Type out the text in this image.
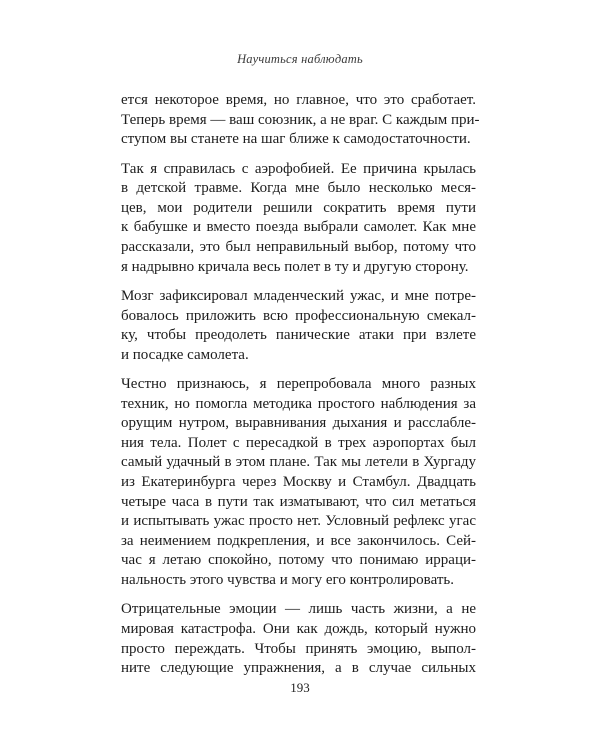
Научиться наблюдать

ется некоторое время, но главное, что это сработает.
Теперь время — ваш союзник, а не враг. С каждым при-
ступом вы станете на шаг ближе к самодостаточности.

Так я справилась с аэрофобией. Ее причина крылась
в детской травме. Когда мне было несколько меся-
цев, мои родители решили сократить время пути
к бабушке и вместо поезда выбрали самолет. Как мне
рассказали, это был неправильный выбор, потому что
я надрывно кричала весь полет в ту и другую сторону.

Мозг зафиксировал младенческий ужас, и мне потре-
бовалось приложить всю профессиональную смекал-
ку, чтобы преодолеть панические атаки при взлете
и посадке самолета.

Честно признаюсь, я перепробовала много разных
техник, но помогла методика простого наблюдения за
орущим нутром, выравнивания дыхания и расслабле-
ния тела. Полет с пересадкой в трех аэропортах был
самый удачный в этом плане. Так мы летели в Хургаду
из Екатеринбурга через Москву и Стамбул. Двадцать
четыре часа в пути так изматывают, что сил метаться
и испытывать ужас просто нет. Условный рефлекс угас
за неимением подкрепления, и все закончилось. Сей-
час я летаю спокойно, потому что понимаю ирраци-
нальность этого чувства и могу его контролировать.

Отрицательные эмоции — лишь часть жизни, а не
мировая катастрофа. Они как дождь, который нужно
просто переждать. Чтобы принять эмоцию, выпол-
ните следующие упражнения, а в случае сильных

193
